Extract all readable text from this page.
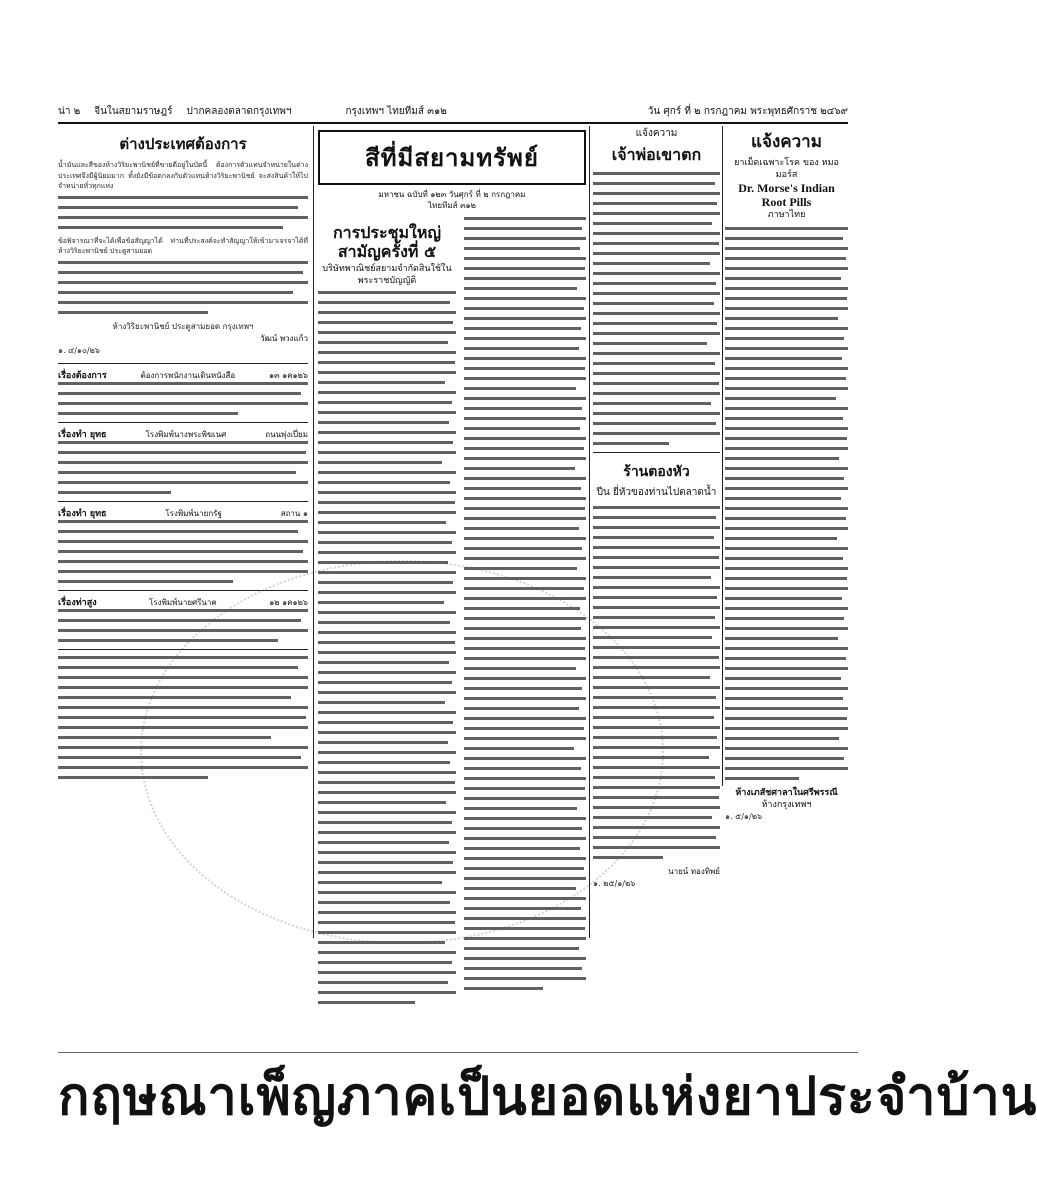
น่า ๒ จีนในสยามราษฎร์ ปากคลองตลาดกรุงเทพฯ	กรุงเทพฯ ไทยทีมส์ ๓๑๒	วัน ศุกร์ ที่ ๒ กรกฎาคม พระพุทธศักราช ๒๔๖๙
ต่างประเทศต้องการ

น้ำมันและสีของห้างวิริยะพานิชย์ที่ขายดีอยู่ในบัดนี้ ต้องการตัวแทนจำหน่ายในต่างประเทศจึงมีผู้นิยมมาก ทั้งยังมีข้อตกลงกับตัวแทนห้างวิริยะพานิชย์ จะส่งสินค้าให้ไปจำหน่ายทั่วทุกแห่ง

ข้อพิจารณาที่จะได้เพื่อข้อสัญญาได้ ท่านที่ประสงค์จะทำสัญญาให้เข้ามาเจรจาได้ที่ห้างวิริยะพานิชย์ ประตูสามยอด

ห้างวิริยะพานิชย์ ประตูสามยอด กรุงเทพฯ
วัฒน์ พวงแก้ว
๑. ๔/๑๐/๒๖
เรื่องต้องการ	ต้องการพนักงานเดินหนังสือ	๑๓ ๑ค๑๒๖
เรื่องทำ ยุทธ	โรงพิมพ์นางพระพิฆเนศ	ถนนพุ่งเปี่ยม
เรื่องทำ ยุทธ	โรงพิมพ์นายกรัฐ	สถาน ๑
เรื่องท่าสูง	โรงพิมพ์นายศรีนาค	๑๒ ๑ค๑๒๖
สีที่มีสยามทรัพย์
มหาชน ฉบับที่ ๑๒๓ วันศุกร์ ที่ ๒ กรกฎาคม
ไทยทีมส์ ๓๑๒
การประชุมใหญ่สามัญครั้งที่ ๕
บริษัทพาณิชย์สยามจำกัดสินใช้ในพระราชบัญญัติ
แจ้งความ
เจ้าพ่อเขาตก
ร้านตองหัว
ปีน ยี่หัวของท่านไปตลาดน้ำ
นายน์ ทองทิพย์
๑. ๒๕/๑/๒๖
แจ้งความ
ยาเม็ดเฉพาะโรค ของ หมอมอร์ส
Dr. Morse's Indian Root Pills
ภาษาไทย
ห้างเภสัชศาลาในศรีพรรณี
ห้างกรุงเทพฯ
๑. ๕/๑/๒๖
กฤษณาเพ็ญภาคเป็นยอดแห่งยาประจำบ้าน
